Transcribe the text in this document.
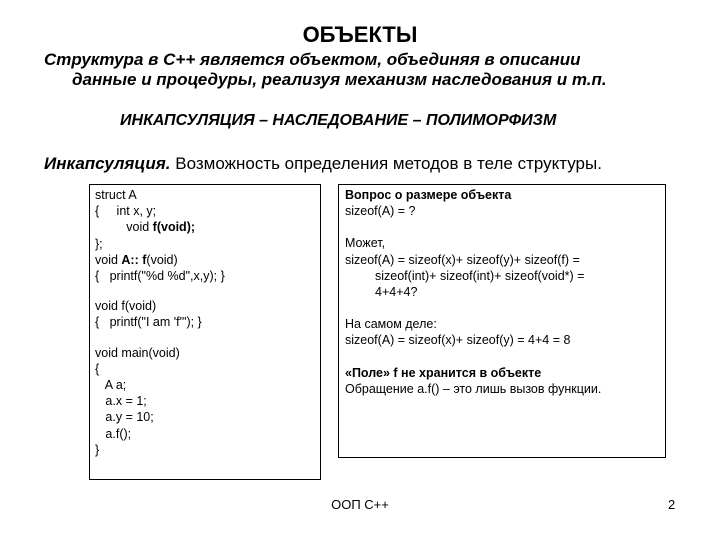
ОБЪЕКТЫ
Структура в C++ является объектом, объединяя в описании
данные и процедуры, реализуя механизм наследования и т.п.
ИНКАПСУЛЯЦИЯ – НАСЛЕДОВАНИЕ – ПОЛИМОРФИЗМ
Инкапсуляция. Возможность определения методов в теле структуры.
struct A
{     int x, y;
void f(void);
};
void A:: f(void)
{   printf("%d %d",x,y); }
void f(void)
{   printf("I am 'f'"); }
void main(void)
{
A a;
a.x = 1;
a.y = 10;
a.f();
}
Вопрос о размере объекта
sizeof(A) = ?
Может,
sizeof(A) = sizeof(x)+ sizeof(y)+ sizeof(f) =
sizeof(int)+ sizeof(int)+ sizeof(void*) =
4+4+4?
На самом деле:
sizeof(A) = sizeof(x)+ sizeof(y) = 4+4 = 8
«Поле» f не хранится в объекте
Обращение a.f() – это лишь вызов функции.
ООП С++	2
